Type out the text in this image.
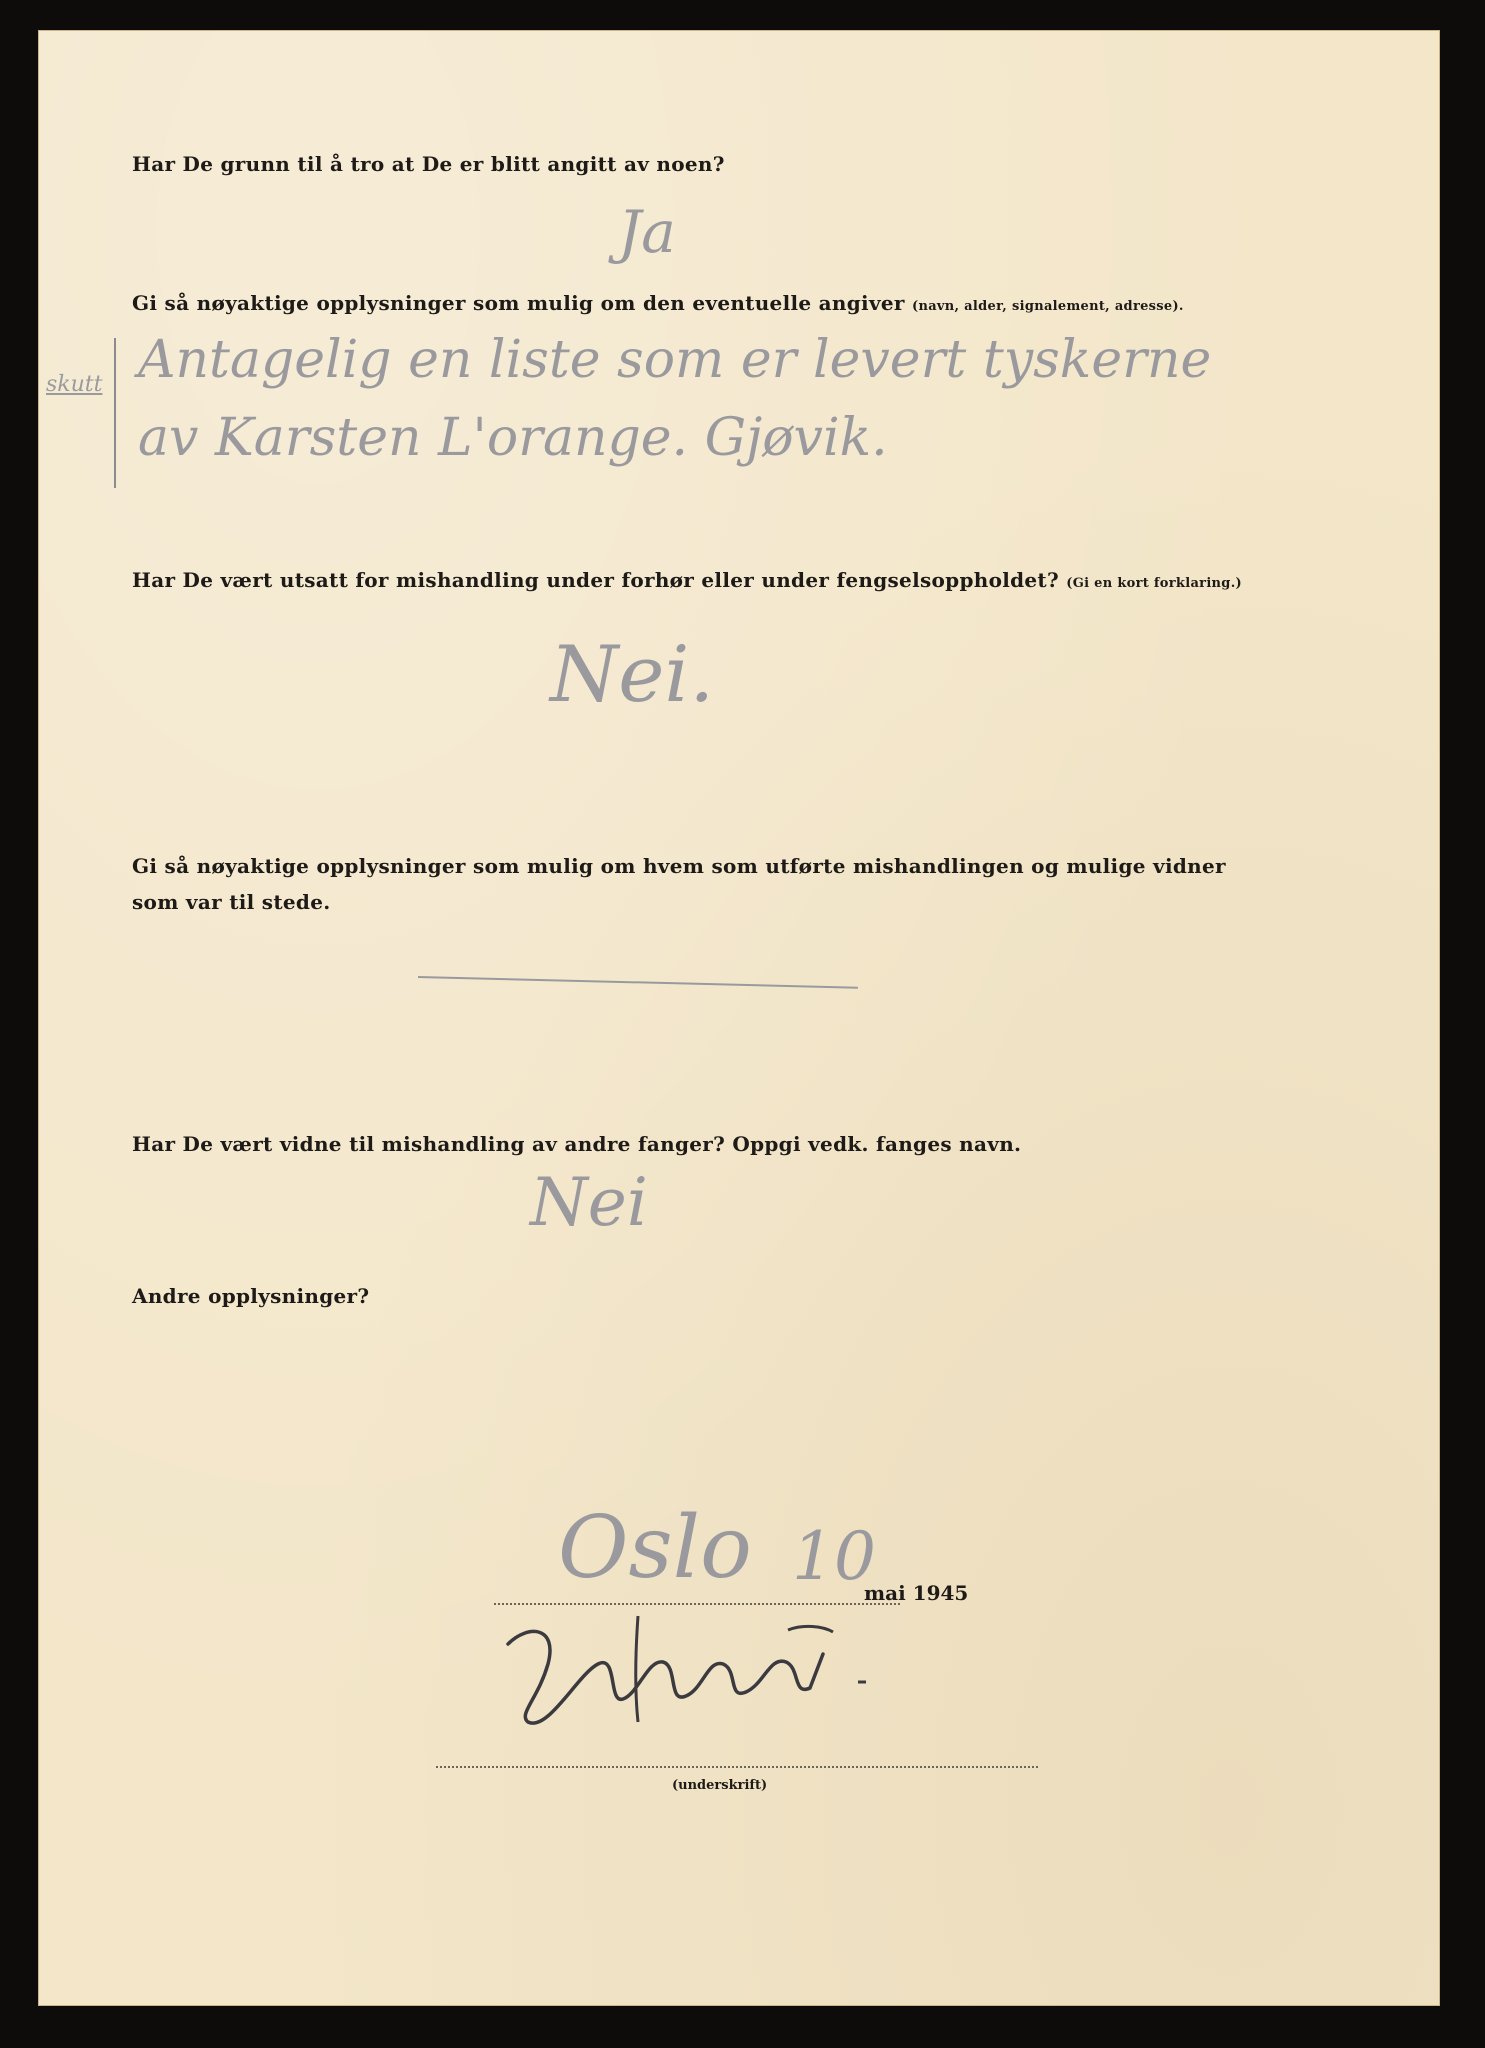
Har De grunn til å tro at De er blitt angitt av noen?

Ja

Gi så nøyaktige opplysninger som mulig om den eventuelle angiver (navn, alder, signalement, adresse).

skutt Antagelig en liste som er levert tyskerne
av Karsten L'orange. Gjøvik.

Har De vært utsatt for mishandling under forhør eller under fengselsoppholdet? (Gi en kort forklaring.)

Nei.

Gi så nøyaktige opplysninger som mulig om hvem som utførte mishandlingen og mulige vidner

som var til stede.

Har De vært vidne til mishandling av andre fanger? Oppgi vedk. fanges navn.

Nei

Andre opplysninger?

Oslo 10
mai 1945
(underskrift)
